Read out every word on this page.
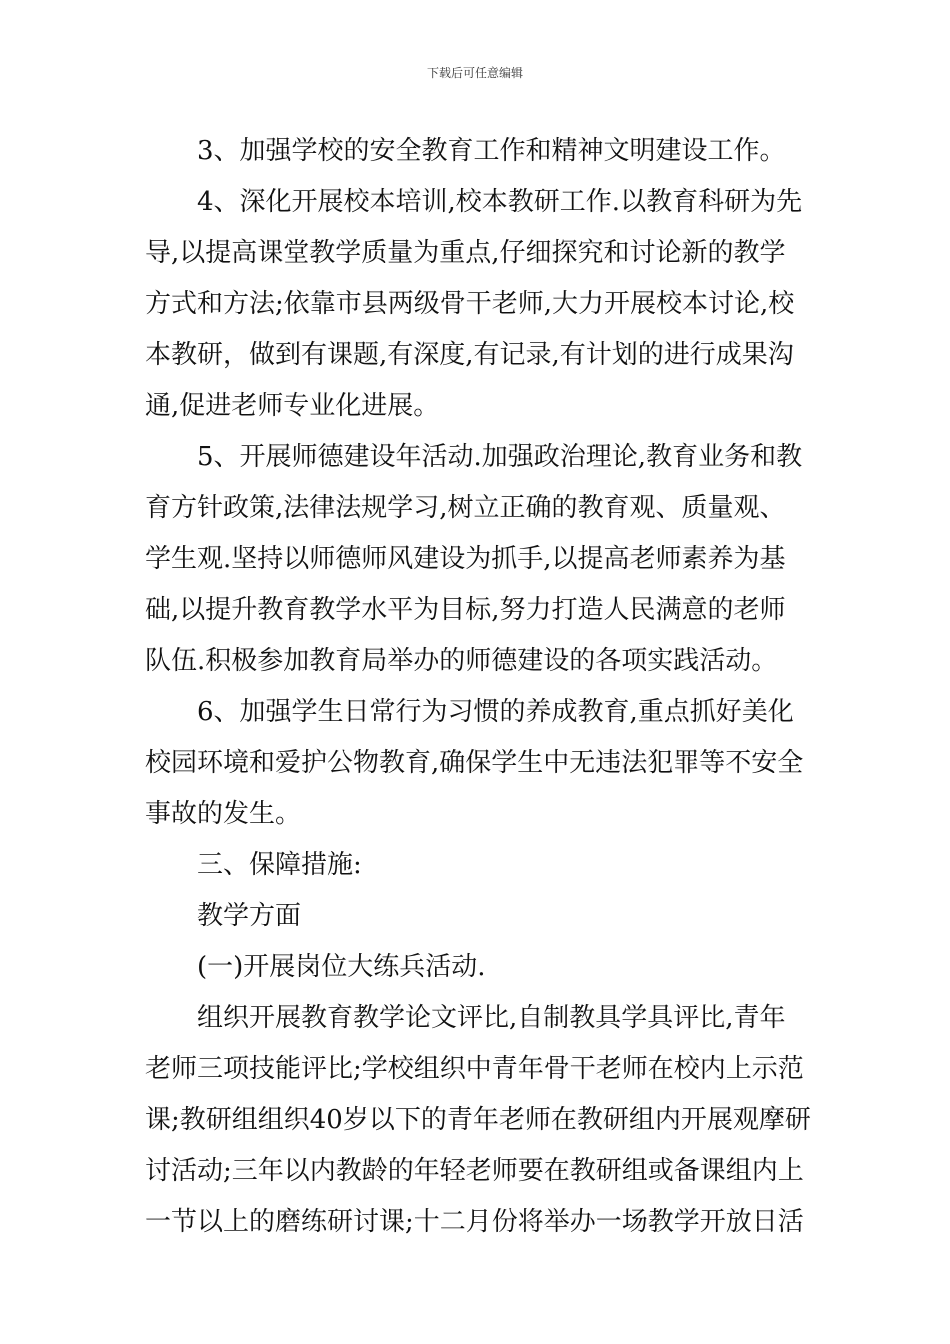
下载后可任意编辑
3、加强学校的安全教育工作和精神文明建设工作。
4、深化开展校本培训,校本教研工作.以教育科研为先
导,以提高课堂教学质量为重点,仔细探究和讨论新的教学
方式和方法;依靠市县两级骨干老师,大力开展校本讨论,校
本教研，做到有课题,有深度,有记录,有计划的进行成果沟
通,促进老师专业化进展。
5、开展师德建设年活动.加强政治理论,教育业务和教
育方针政策,法律法规学习,树立正确的教育观、质量观、
学生观.坚持以师德师风建设为抓手,以提高老师素养为基
础,以提升教育教学水平为目标,努力打造人民满意的老师
队伍.积极参加教育局举办的师德建设的各项实践活动。
6、加强学生日常行为习惯的养成教育,重点抓好美化
校园环境和爱护公物教育,确保学生中无违法犯罪等不安全
事故的发生。
三、保障措施:
教学方面
(一)开展岗位大练兵活动.
组织开展教育教学论文评比,自制教具学具评比,青年
老师三项技能评比;学校组织中青年骨干老师在校内上示范
课;教研组组织40岁以下的青年老师在教研组内开展观摩研
讨活动;三年以内教龄的年轻老师要在教研组或备课组内上
一节以上的磨练研讨课;十二月份将举办一场教学开放日活
